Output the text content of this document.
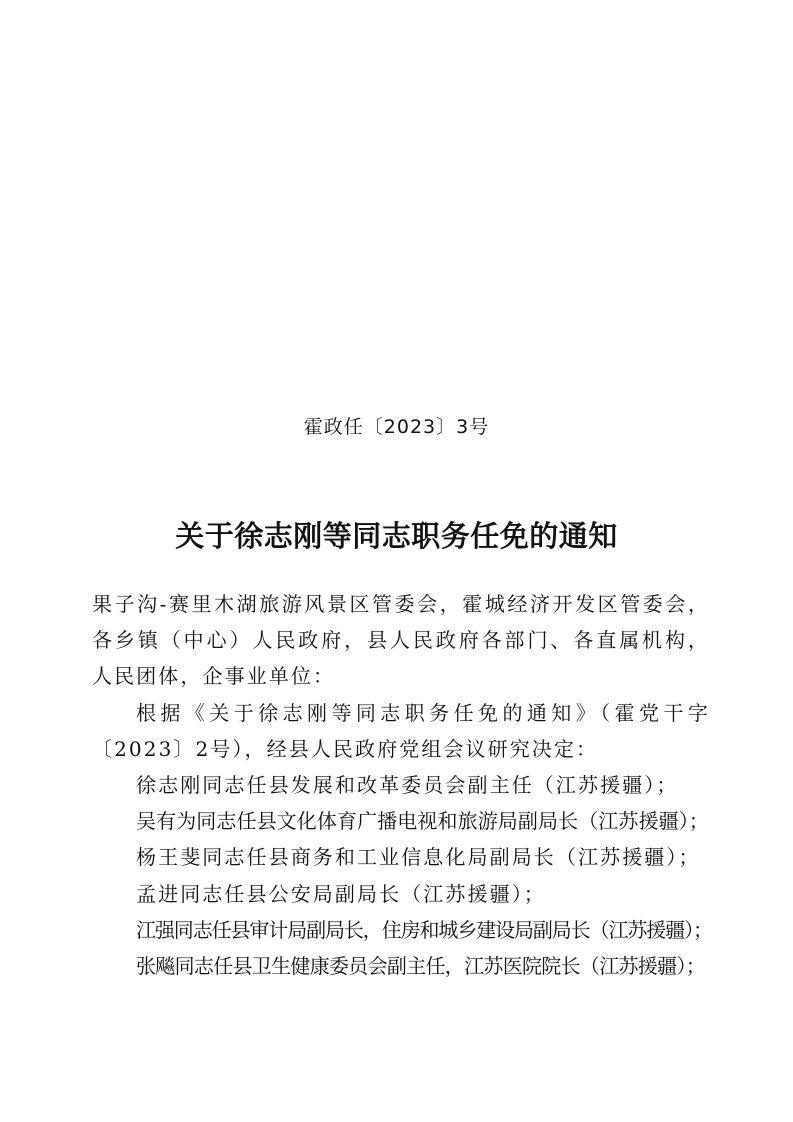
霍政任〔2023〕3号
关于徐志刚等同志职务任免的通知

果子沟-赛里木湖旅游风景区管委会，霍城经济开发区管委会，各乡镇（中心）人民政府，县人民政府各部门、各直属机构，人民团体，企事业单位：

根据《关于徐志刚等同志职务任免的通知》（霍党干字〔2023〕2号），经县人民政府党组会议研究决定：

徐志刚同志任县发展和改革委员会副主任（江苏援疆）；

吴有为同志任县文化体育广播电视和旅游局副局长（江苏援疆）；

杨王斐同志任县商务和工业信息化局副局长（江苏援疆）；

孟进同志任县公安局副局长（江苏援疆）；

江强同志任县审计局副局长，住房和城乡建设局副局长（江苏援疆）；

张飚同志任县卫生健康委员会副主任，江苏医院院长（江苏援疆）；
